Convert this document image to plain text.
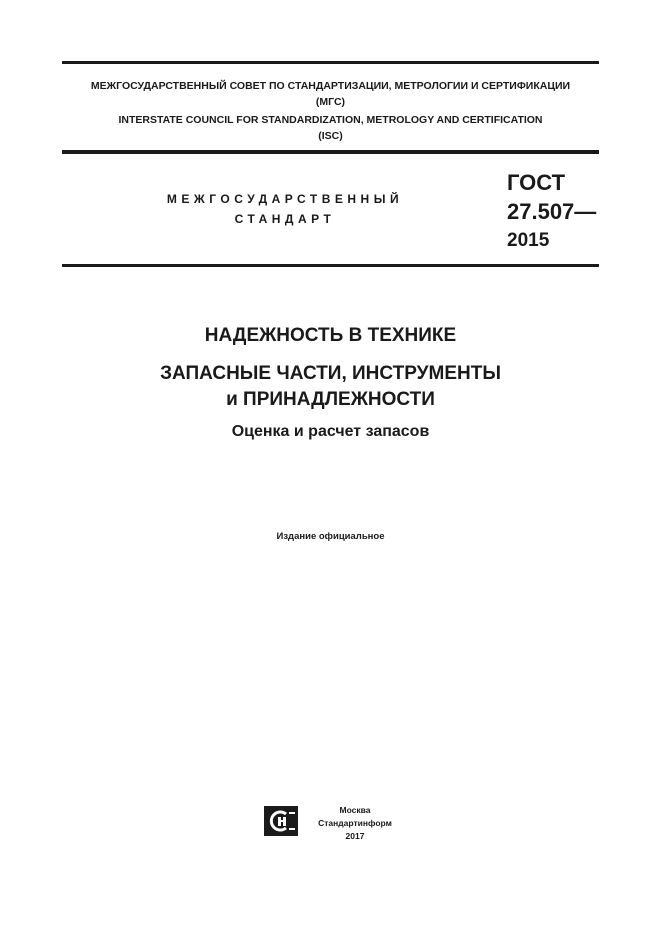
МЕЖГОСУДАРСТВЕННЫЙ СОВЕТ ПО СТАНДАРТИЗАЦИИ, МЕТРОЛОГИИ И СЕРТИФИКАЦИИ
(МГС)
INTERSTATE COUNCIL FOR STANDARDIZATION, METROLOGY AND CERTIFICATION
(ISC)
МЕЖГОСУДАРСТВЕННЫЙ
СТАНДАРТ
ГОСТ
27.507—
2015
НАДЕЖНОСТЬ В ТЕХНИКЕ
ЗАПАСНЫЕ ЧАСТИ, ИНСТРУМЕНТЫ
и ПРИНАДЛЕЖНОСТИ
Оценка и расчет запасов
Издание официальное
Москва
Стандартинформ
2017
